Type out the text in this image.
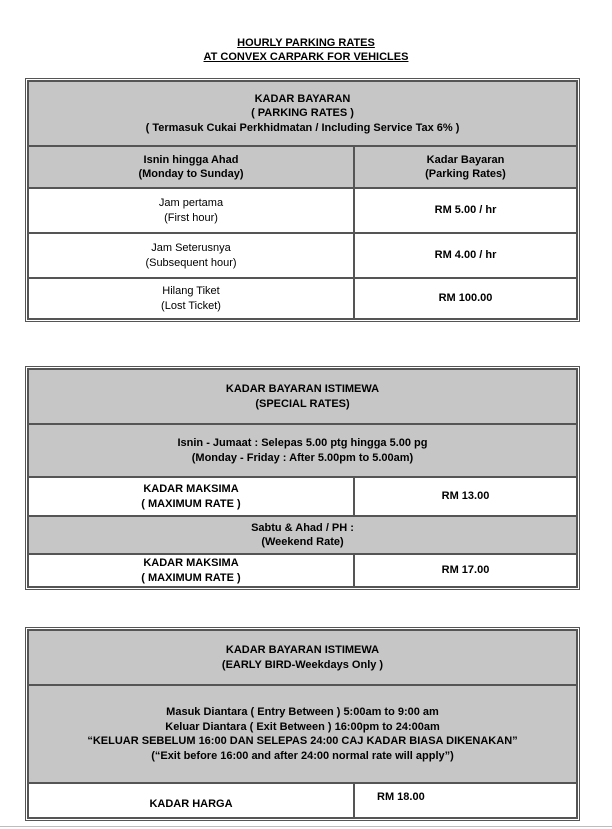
HOURLY PARKING RATES
AT CONVEX CARPARK FOR VEHICLES
KADAR BAYARAN
( PARKING RATES )
( Termasuk Cukai Perkhidmatan / Including Service Tax 6% )
Isnin hingga Ahad
(Monday to Sunday)
Kadar Bayaran
(Parking Rates)
Jam pertama
(First hour)
RM 5.00 / hr
Jam Seterusnya
(Subsequent hour)
RM 4.00 / hr
Hilang Tiket
(Lost Ticket)
RM 100.00
KADAR BAYARAN ISTIMEWA
(SPECIAL RATES)
Isnin - Jumaat : Selepas 5.00 ptg hingga 5.00 pg
(Monday - Friday : After 5.00pm to 5.00am)
KADAR MAKSIMA
( MAXIMUM RATE )
RM 13.00
Sabtu & Ahad / PH :
(Weekend Rate)
KADAR MAKSIMA
( MAXIMUM RATE )
RM 17.00
KADAR BAYARAN ISTIMEWA
(EARLY BIRD-Weekdays Only )
Masuk Diantara ( Entry Between ) 5:00am to 9:00 am
Keluar Diantara ( Exit Between ) 16:00pm to 24:00am
“KELUAR SEBELUM 16:00 DAN SELEPAS 24:00 CAJ KADAR BIASA DIKENAKAN”
(“Exit before 16:00 and after 24:00 normal rate will apply”)
KADAR HARGA
RM 18.00
